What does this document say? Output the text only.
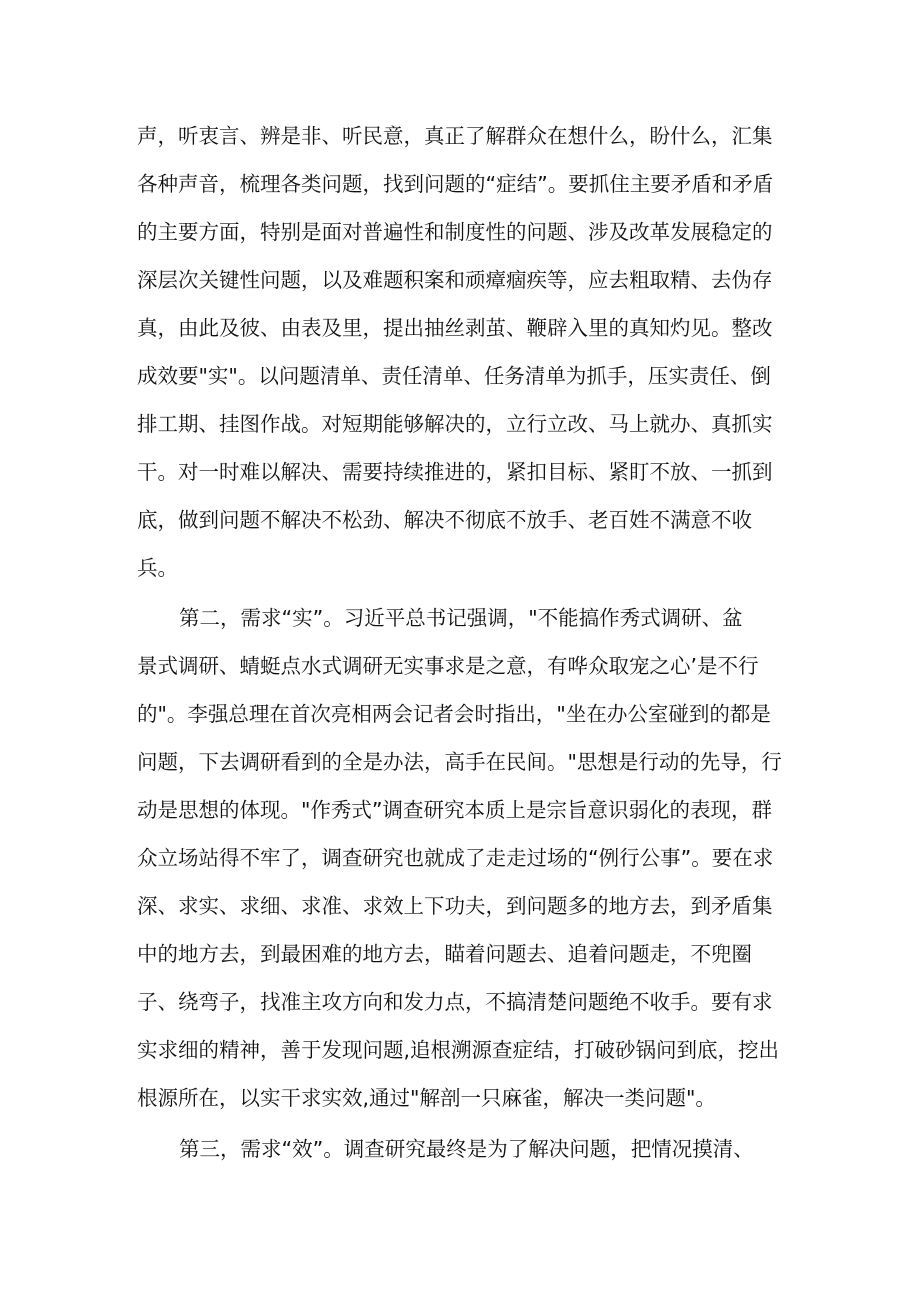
声，听衷言、辨是非、听民意，真正了解群众在想什么，盼什么，汇集
各种声音，梳理各类问题，找到问题的“症结”。要抓住主要矛盾和矛盾
的主要方面，特别是面对普遍性和制度性的问题、涉及改革发展稳定的
深层次关键性问题，以及难题积案和顽瘴痼疾等，应去粗取精、去伪存
真，由此及彼、由表及里，提出抽丝剥茧、鞭辟入里的真知灼见。整改
成效要"实"。以问题清单、责任清单、任务清单为抓手，压实责任、倒
排工期、挂图作战。对短期能够解决的，立行立改、马上就办、真抓实
干。对一时难以解决、需要持续推进的，紧扣目标、紧盯不放、一抓到
底，做到问题不解决不松劲、解决不彻底不放手、老百姓不满意不收
兵。
第二，需求“实”。习近平总书记强调，"不能搞作秀式调研、盆
景式调研、蜻蜓点水式调研无实事求是之意，有哗众取宠之心’是不行
的"。李强总理在首次亮相两会记者会时指出，"坐在办公室碰到的都是
问题，下去调研看到的全是办法，高手在民间。"思想是行动的先导，行
动是思想的体现。"作秀式”调查研究本质上是宗旨意识弱化的表现，群
众立场站得不牢了，调查研究也就成了走走过场的“例行公事”。要在求
深、求实、求细、求准、求效上下功夫，到问题多的地方去，到矛盾集
中的地方去，到最困难的地方去，瞄着问题去、追着问题走，不兜圈
子、绕弯子，找准主攻方向和发力点，不搞清楚问题绝不收手。要有求
实求细的精神，善于发现问题,追根溯源查症结，打破砂锅问到底，挖出
根源所在，以实干求实效,通过"解剖一只麻雀，解决一类问题"。
第三，需求“效”。调查研究最终是为了解决问题，把情况摸清、
